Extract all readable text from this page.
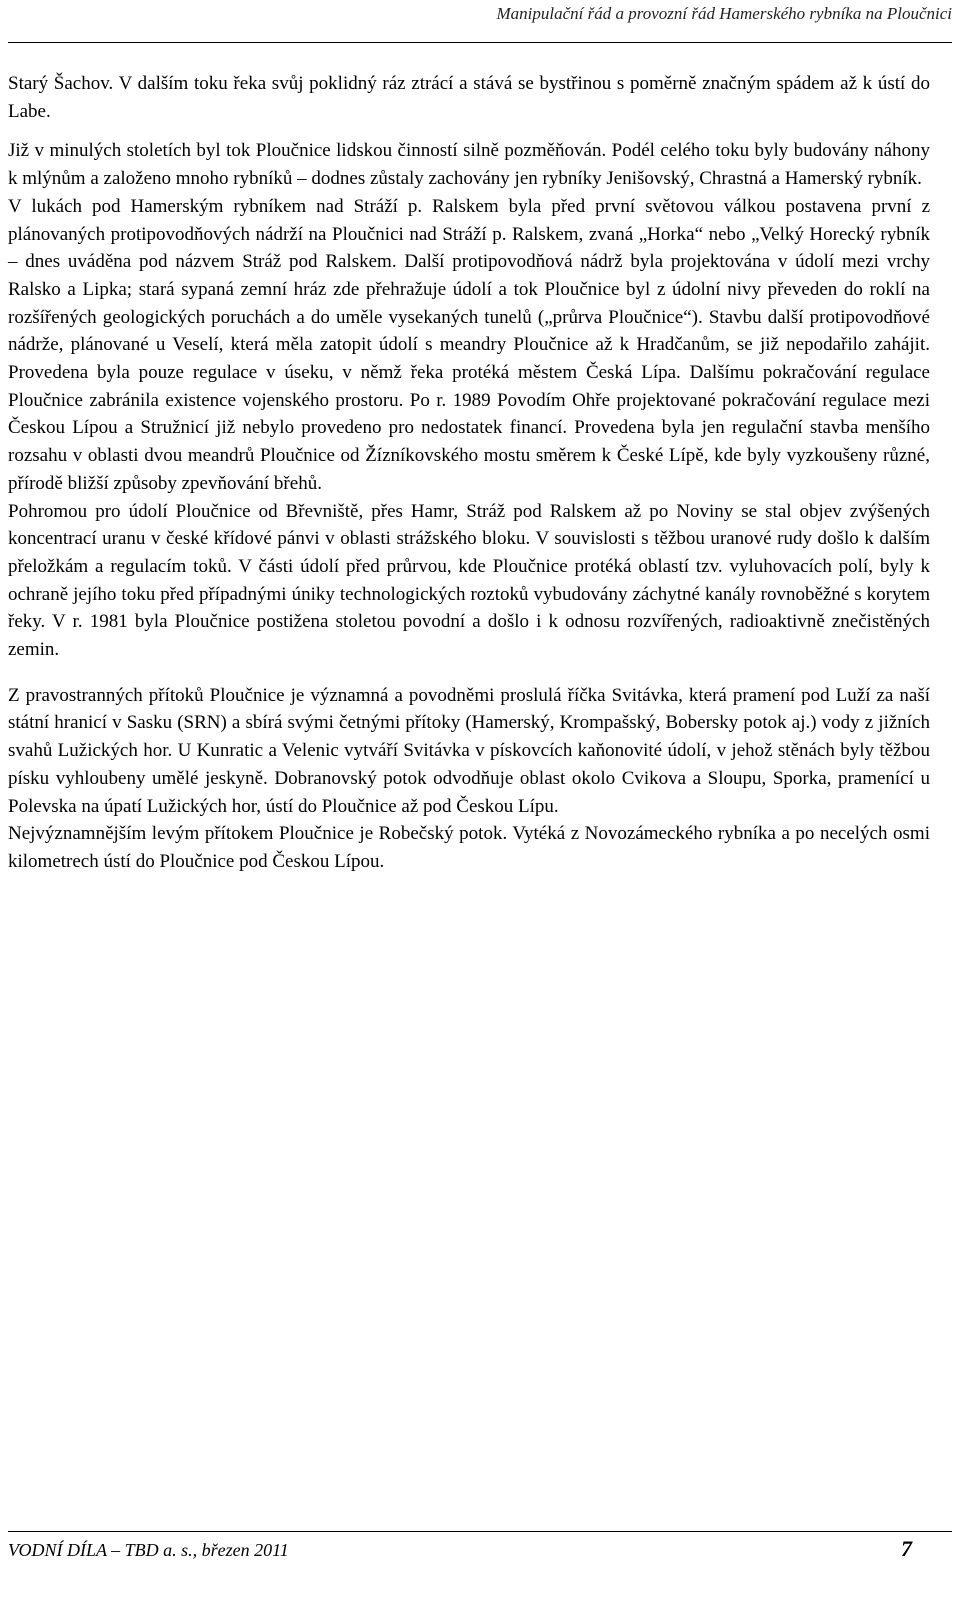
Manipulační řád a provozní řád Hamerského rybníka na Ploučnici

Starý Šachov. V dalším toku řeka svůj poklidný ráz ztrácí a stává se bystřinou s poměrně značným spádem až k ústí do Labe.

Již v minulých stoletích byl tok Ploučnice lidskou činností silně pozměňován. Podél celého toku byly budovány náhony k mlýnům a založeno mnoho rybníků – dodnes zůstaly zachovány jen rybníky Jenišovský, Chrastná a Hamerský rybník.

V lukách pod Hamerským rybníkem nad Stráží p. Ralskem byla před první světovou válkou postavena první z plánovaných protipovodňových nádrží na Ploučnici nad Stráží p. Ralskem, zvaná „Horka“ nebo „Velký Horecký rybník – dnes uváděna pod názvem Stráž pod Ralskem. Další protipovodňová nádrž byla projektována v údolí mezi vrchy Ralsko a Lipka; stará sypaná zemní hráz zde přehražuje údolí a tok Ploučnice byl z údolní nivy převeden do roklí na rozšířených geologických poruchách a do uměle vysekaných tunelů („průrva Ploučnice“). Stavbu další protipovodňové nádrže, plánované u Veselí, která měla zatopit údolí s meandry Ploučnice až k Hradčanům, se již nepodařilo zahájit. Provedena byla pouze regulace v úseku, v němž řeka protéká městem Česká Lípa. Dalšímu pokračování regulace Ploučnice zabránila existence vojenského prostoru. Po r. 1989 Povodím Ohře projektované pokračování regulace mezi Českou Lípou a Stružnicí již nebylo provedeno pro nedostatek financí. Provedena byla jen regulační stavba menšího rozsahu v oblasti dvou meandrů Ploučnice od Žízníkovského mostu směrem k České Lípě, kde byly vyzkoušeny různé, přírodě bližší způsoby zpevňování břehů.

Pohromou pro údolí Ploučnice od Břevniště, přes Hamr, Stráž pod Ralskem až po Noviny se stal objev zvýšených koncentrací uranu v české křídové pánvi v oblasti strážského bloku. V souvislosti s těžbou uranové rudy došlo k dalším přeložkám a regulacím toků. V části údolí před průrvou, kde Ploučnice protéká oblastí tzv. vyluhovacích polí, byly k ochraně jejího toku před případnými úniky technologických roztoků vybudovány záchytné kanály rovnoběžné s korytem řeky. V r. 1981 byla Ploučnice postižena stoletou povodní a došlo i k odnosu rozvířených, radioaktivně znečistěných zemin.

Z pravostranných přítoků Ploučnice je významná a povodněmi proslulá říčka Svitávka, která pramení pod Luží za naší státní hranicí v Sasku (SRN) a sbírá svými četnými přítoky (Hamerský, Krompašský, Bobersky potok aj.) vody z jižních svahů Lužických hor. U Kunratic a Velenic vytváří Svitávka v pískovcích kaňonovité údolí, v jehož stěnách byly těžbou písku vyhloubeny umělé jeskyně. Dobranovský potok odvodňuje oblast okolo Cvikova a Sloupu, Sporka, pramenící u Polevska na úpatí Lužických hor, ústí do Ploučnice až pod Českou Lípu.

Nejvýznamnějším levým přítokem Ploučnice je Robečský potok. Vytéká z Novozámeckého rybníka a po necelých osmi kilometrech ústí do Ploučnice pod Českou Lípou.

VODNÍ DÍLA – TBD a. s., březen 2011	7
